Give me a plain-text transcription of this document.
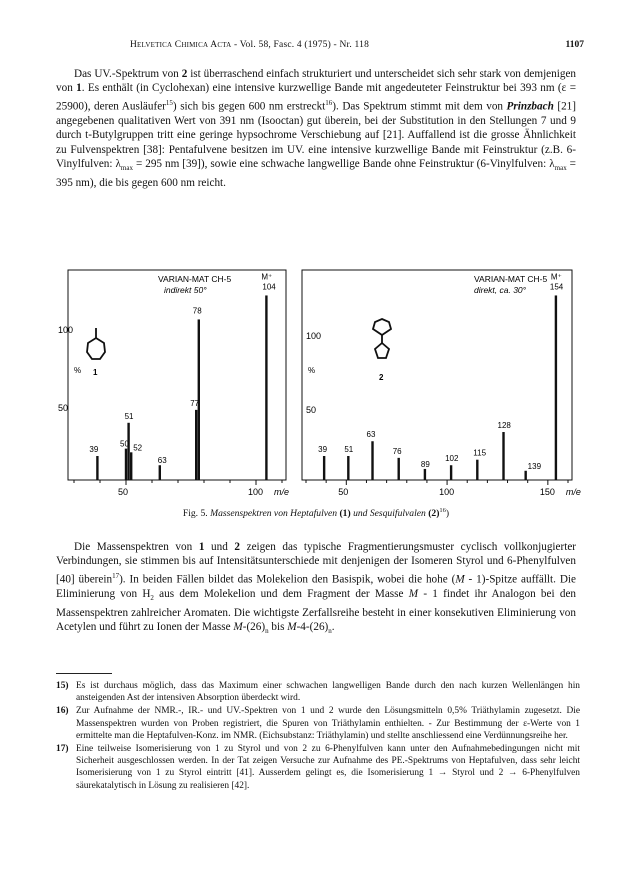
Helvetica Chimica Acta - Vol. 58, Fasc. 4 (1975) - Nr. 118	1107

Das UV.-Spektrum von 2 ist überraschend einfach strukturiert und unterscheidet sich sehr stark von demjenigen von 1. Es enthält (in Cyclohexan) eine intensive kurzwellige Bande mit angedeuteter Feinstruktur bei 393 nm (ε = 25900), deren Ausläufer$^{15}$) sich bis gegen 600 nm erstreckt$^{16}$). Das Spektrum stimmt mit dem von Prinzbach [21] angegebenen qualitativen Wert von 391 nm (Isooctan) gut überein, bei der Substitution in den Stellungen 7 und 9 durch t-Butylgruppen tritt eine geringe hypsochrome Verschiebung auf [21]. Auffallend ist die grosse Ähnlichkeit zu Fulvenspektren [38]: Pentafulvene besitzen im UV. eine intensive kurzwellige Bande mit Feinstruktur (z.B. 6-Vinylfulven: $\lambda_{max} = 295$ nm [39]), sowie eine schwache langwellige Bande ohne Feinstruktur (6-Vinylfulven: $\lambda_{max} = 395$ nm), die bis gegen 600 nm reicht.

VARIAN-MAT CH-5
indirekt 50°
100
%
50
1
39
50
51
52
63
77
78
104
M⁺
50	100 m/e
VARIAN-MAT CH-5
direkt, ca. 30°
100
%
50
2
39 51
63
76
89
102
115
128
139
154
M⁺
50	100	150 m/e
Fig. 5. Massenspektren von Heptafulven (1) und Sesquifulvalen $(2)^{16}$)

Die Massenspektren von 1 und 2 zeigen das typische Fragmentierungsmuster cyclisch vollkonjugierter Verbindungen, sie stimmen bis auf Intensitätsunterschiede mit denjenigen der Isomeren Styrol und 6-Phenylfulven [40] überein$^{17}$). In beiden Fällen bildet das Molekelion den Basispik, wobei die hohe (M - 1)-Spitze auffällt. Die Eliminierung von $H_2$ aus dem Molekelion und dem Fragment der Masse M - 1 findet ihr Analogon bei den Massenspektren zahlreicher Aromaten. Die wichtigste Zerfallsreihe besteht in einer konsekutiven Eliminierung von Acetylen und führt zu Ionen der Masse $M-(26)_n$ bis $M-4-(26)_n$.

15) Es ist durchaus möglich, dass das Maximum einer schwachen langwelligen Bande durch den nach kurzen Wellenlängen hin ansteigenden Ast der intensiven Absorption überdeckt wird.
16) Zur Aufnahme der NMR.-, IR.- und UV.-Spektren von 1 und 2 wurde den Lösungsmitteln 0,5% Triäthylamin zugesetzt. Die Massenspektren wurden von Proben registriert, die Spuren von Triäthylamin enthielten. - Zur Bestimmung der ε-Werte von 1 ermittelte man die Heptafulven-Konz. im NMR. (Eichsubstanz: Triäthylamin) und stellte anschliessend eine Verdünnungsreihe her.
17) Eine teilweise Isomerisierung von 1 zu Styrol und von 2 zu 6-Phenylfulven kann unter den Aufnahmebedingungen nicht mit Sicherheit ausgeschlossen werden. In der Tat zeigen Versuche zur Aufnahme des PE.-Spektrums von Heptafulven, dass sehr leicht Isomerisierung von 1 zu Styrol eintritt [41]. Ausserdem gelingt es, die Isomerisierung 1 → Styrol und 2 → 6-Phenylfulven säurekatalytisch in Lösung zu realisieren [42].
